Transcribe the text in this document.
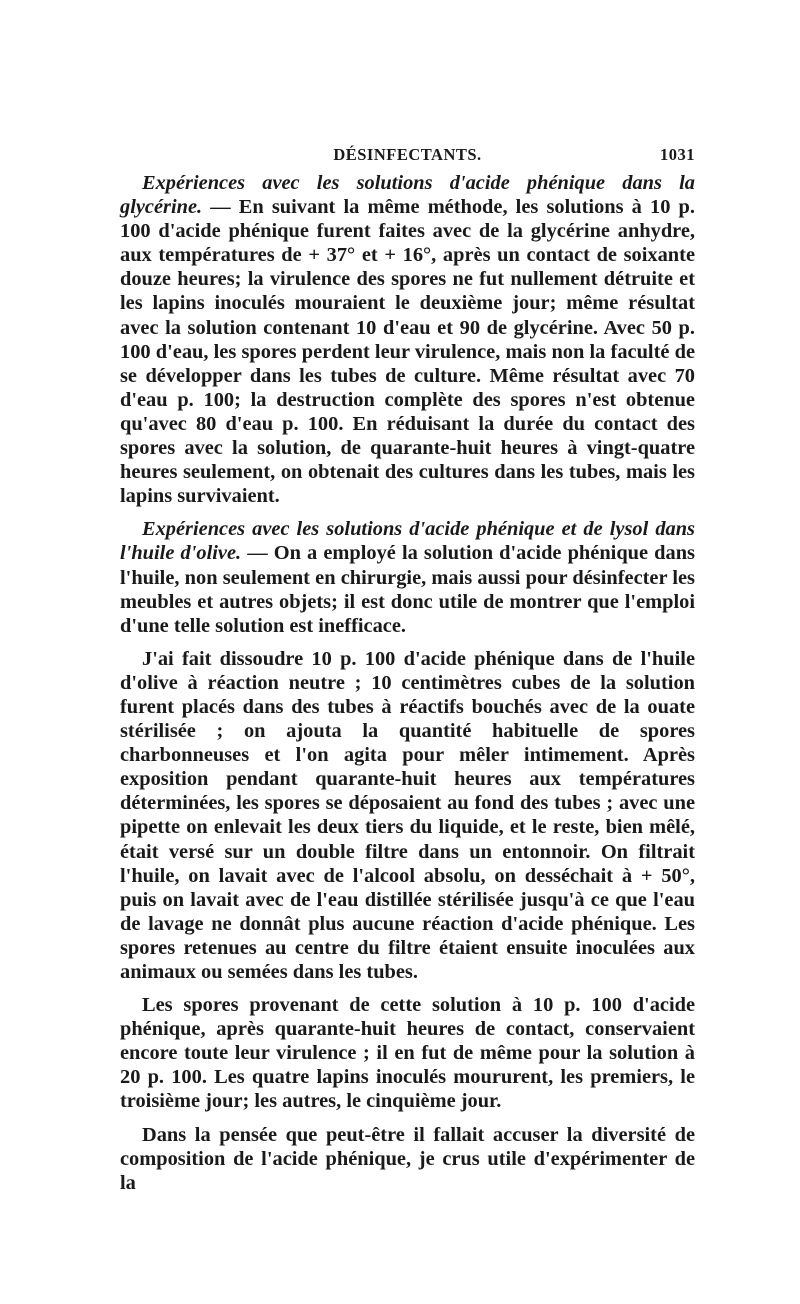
DÉSINFECTANTS.	1031

Expériences avec les solutions d'acide phénique dans la glycérine. — En suivant la même méthode, les solutions à 10 p. 100 d'acide phénique furent faites avec de la glycérine anhydre, aux températures de + 37° et + 16°, après un contact de soixante douze heures; la virulence des spores ne fut nullement détruite et les lapins inoculés mouraient le deuxième jour; même résultat avec la solution contenant 10 d'eau et 90 de glycérine. Avec 50 p. 100 d'eau, les spores perdent leur virulence, mais non la faculté de se développer dans les tubes de culture. Même résultat avec 70 d'eau p. 100; la destruction complète des spores n'est obtenue qu'avec 80 d'eau p. 100. En réduisant la durée du contact des spores avec la solution, de quarante-huit heures à vingt-quatre heures seulement, on obtenait des cultures dans les tubes, mais les lapins survivaient.

Expériences avec les solutions d'acide phénique et de lysol dans l'huile d'olive. — On a employé la solution d'acide phénique dans l'huile, non seulement en chirurgie, mais aussi pour désinfecter les meubles et autres objets; il est donc utile de montrer que l'emploi d'une telle solution est inefficace.

J'ai fait dissoudre 10 p. 100 d'acide phénique dans de l'huile d'olive à réaction neutre ; 10 centimètres cubes de la solution furent placés dans des tubes à réactifs bouchés avec de la ouate stérilisée ; on ajouta la quantité habituelle de spores charbonneuses et l'on agita pour mêler intimement. Après exposition pendant quarante-huit heures aux températures déterminées, les spores se déposaient au fond des tubes ; avec une pipette on enlevait les deux tiers du liquide, et le reste, bien mêlé, était versé sur un double filtre dans un entonnoir. On filtrait l'huile, on lavait avec de l'alcool absolu, on desséchait à + 50°, puis on lavait avec de l'eau distillée stérilisée jusqu'à ce que l'eau de lavage ne donnât plus aucune réaction d'acide phénique. Les spores retenues au centre du filtre étaient ensuite inoculées aux animaux ou semées dans les tubes.

Les spores provenant de cette solution à 10 p. 100 d'acide phénique, après quarante-huit heures de contact, conservaient encore toute leur virulence ; il en fut de même pour la solution à 20 p. 100. Les quatre lapins inoculés moururent, les premiers, le troisième jour; les autres, le cinquième jour.

Dans la pensée que peut-être il fallait accuser la diversité de composition de l'acide phénique, je crus utile d'expérimenter de la
